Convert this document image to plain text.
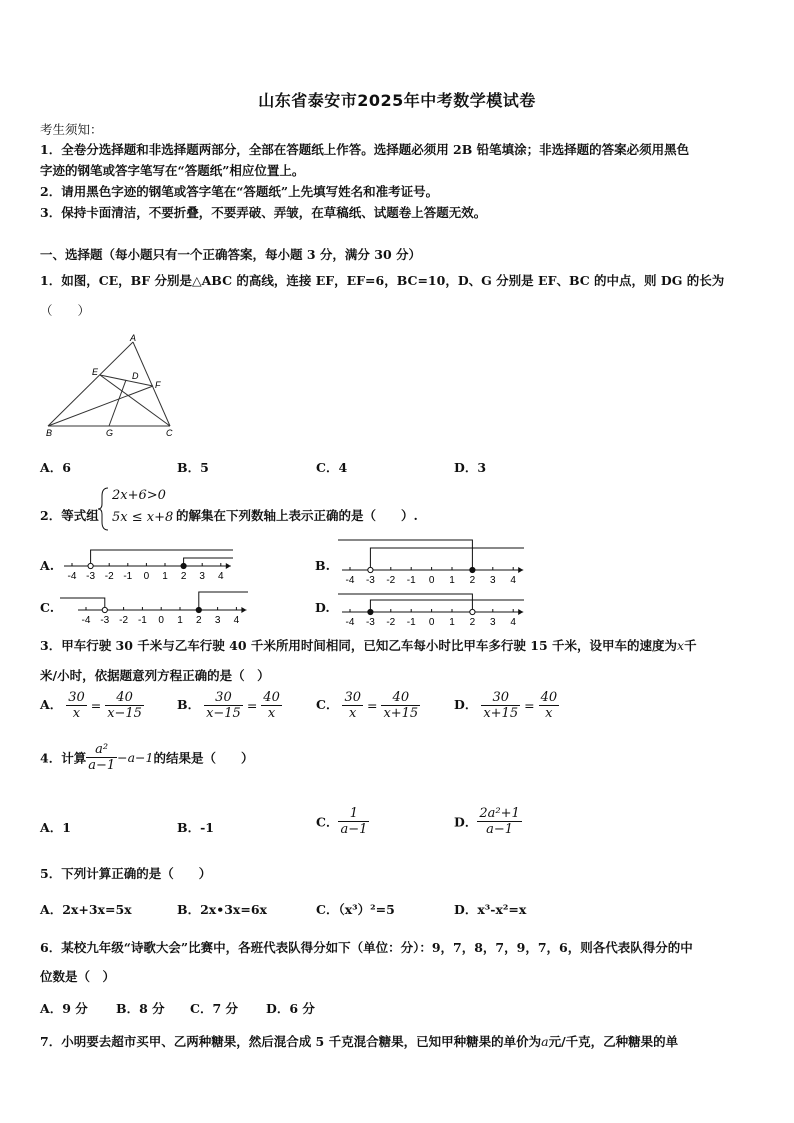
山东省泰安市2025年中考数学模试卷
考生须知：
1．全卷分选择题和非选择题两部分，全部在答题纸上作答。选择题必须用 2B 铅笔填涂；非选择题的答案必须用黑色
字迹的钢笔或答字笔写在“答题纸”相应位置上。
2．请用黑色字迹的钢笔或答字笔在“答题纸”上先填写姓名和准考证号。
3．保持卡面清洁，不要折叠，不要弄破、弄皱，在草稿纸、试题卷上答题无效。
一、选择题（每小题只有一个正确答案，每小题 3 分，满分 30 分）
1．如图，CE，BF 分别是△ABC 的高线，连接 EF，EF=6，BC=10，D、G 分别是 EF、BC 的中点，则 DG 的长为
（　　）
A
E	D
F
B	G	C
A．6	B．5	C．4	D．3
2．等式组
2x+6>0
5x ≤ x+8 的解集在下列数轴上表示正确的是（　　）.
A.	B.
C.	D.
-4 -3 -2 -1 0 1 2 3 4	-4 -3 -2 -1 0 1 2 3 4
-4 -3 -2 -1 0 1 2 3 4	-4 -3 -2 -1 0 1 2 3 4
3．甲车行驶 30 千米与乙车行驶 40 千米所用时间相同，已知乙车每小时比甲车多行驶 15 千米，设甲车的速度为x千
米/小时，依据题意列方程正确的是（　）
A． $\frac{30}{x} = \frac{40}{x-15}$	B． $\frac{30}{x-15} = \frac{40}{x}$	C． $\frac{30}{x} = \frac{40}{x+15}$	D． $\frac{30}{x+15} = \frac{40}{x}$
4．计算 $\frac{\text{a²}}{a-1} -a-1$的结果是（　　）
A．1	B．-1	C． $\frac{1}{a-1}$	D． $\frac{\text{2a²+1}}{a-1}$
5．下列计算正确的是（　　）
A．2x+3x=5x	B．2x•3x=6x	C．（x³）²=5	D．x³-x²=x
6．某校九年级“诗歌大会”比赛中，各班代表队得分如下（单位：分）：9，7，8，7，9，7，6，则各代表队得分的中
位数是（　）
A．9 分 B．8 分 C．7 分 D．6 分
7．小明要去超市买甲、乙两种糖果，然后混合成 5 千克混合糖果，已知甲种糖果的单价为a元/千克，乙种糖果的单
